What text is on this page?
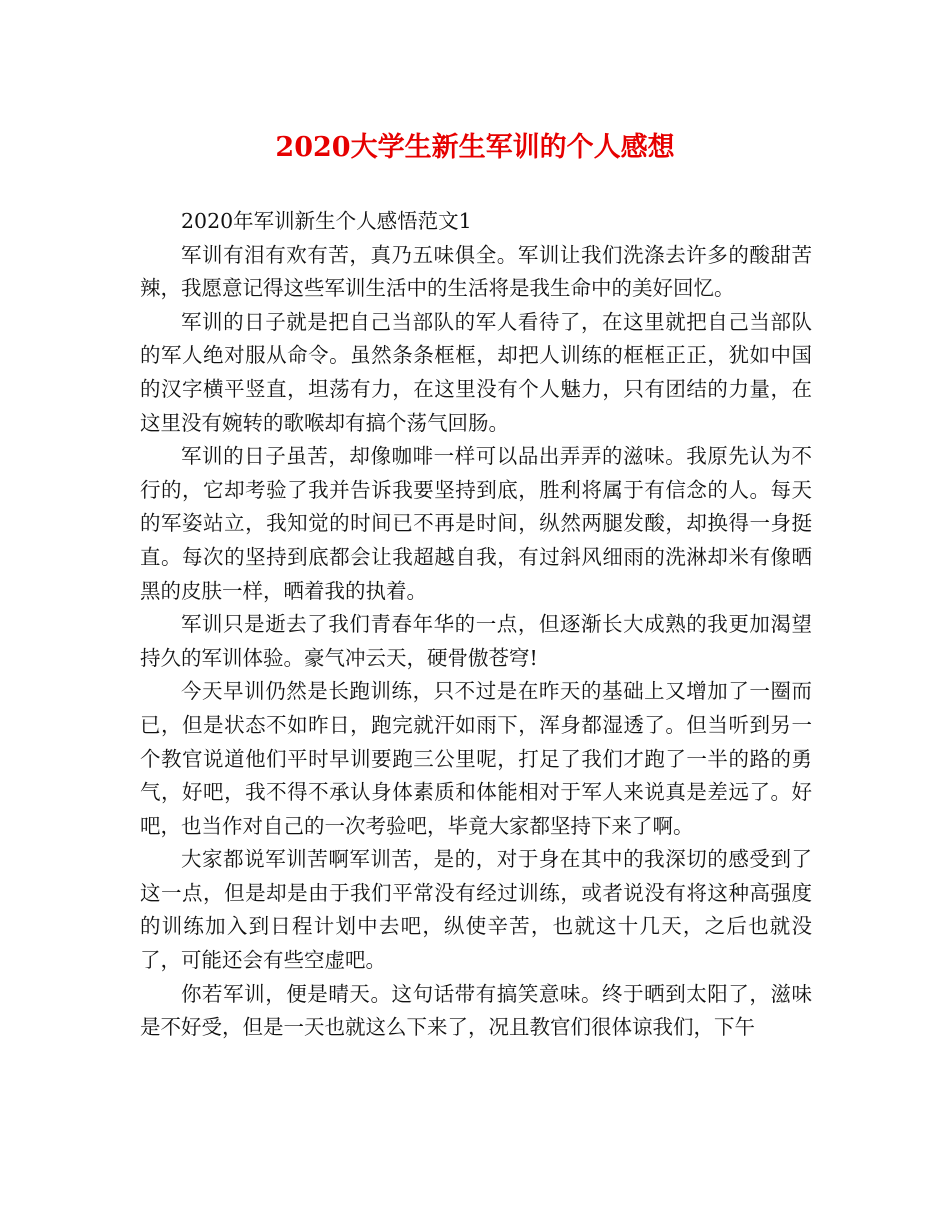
2020大学生新生军训的个人感想

2020年军训新生个人感悟范文1

军训有泪有欢有苦，真乃五味俱全。军训让我们洗涤去许多的酸甜苦辣，我愿意记得这些军训生活中的生活将是我生命中的美好回忆。

军训的日子就是把自己当部队的军人看待了，在这里就把自己当部队的军人绝对服从命令。虽然条条框框，却把人训练的框框正正，犹如中国的汉字横平竖直，坦荡有力，在这里没有个人魅力，只有团结的力量，在这里没有婉转的歌喉却有搞个荡气回肠。

军训的日子虽苦，却像咖啡一样可以品出弄弄的滋味。我原先认为不行的，它却考验了我并告诉我要坚持到底，胜利将属于有信念的人。每天的军姿站立，我知觉的时间已不再是时间，纵然两腿发酸，却换得一身挺直。每次的坚持到底都会让我超越自我，有过斜风细雨的洗淋却米有像晒黑的皮肤一样，晒着我的执着。

军训只是逝去了我们青春年华的一点，但逐渐长大成熟的我更加渴望持久的军训体验。豪气冲云天，硬骨傲苍穹!

今天早训仍然是长跑训练，只不过是在昨天的基础上又增加了一圈而已，但是状态不如昨日，跑完就汗如雨下，浑身都湿透了。但当听到另一个教官说道他们平时早训要跑三公里呢，打足了我们才跑了一半的路的勇气，好吧，我不得不承认身体素质和体能相对于军人来说真是差远了。好吧，也当作对自己的一次考验吧，毕竟大家都坚持下来了啊。

大家都说军训苦啊军训苦，是的，对于身在其中的我深切的感受到了这一点，但是却是由于我们平常没有经过训练，或者说没有将这种高强度的训练加入到日程计划中去吧，纵使辛苦，也就这十几天，之后也就没了，可能还会有些空虚吧。

你若军训，便是晴天。这句话带有搞笑意味。终于晒到太阳了，滋味是不好受，但是一天也就这么下来了，况且教官们很体谅我们，下午
